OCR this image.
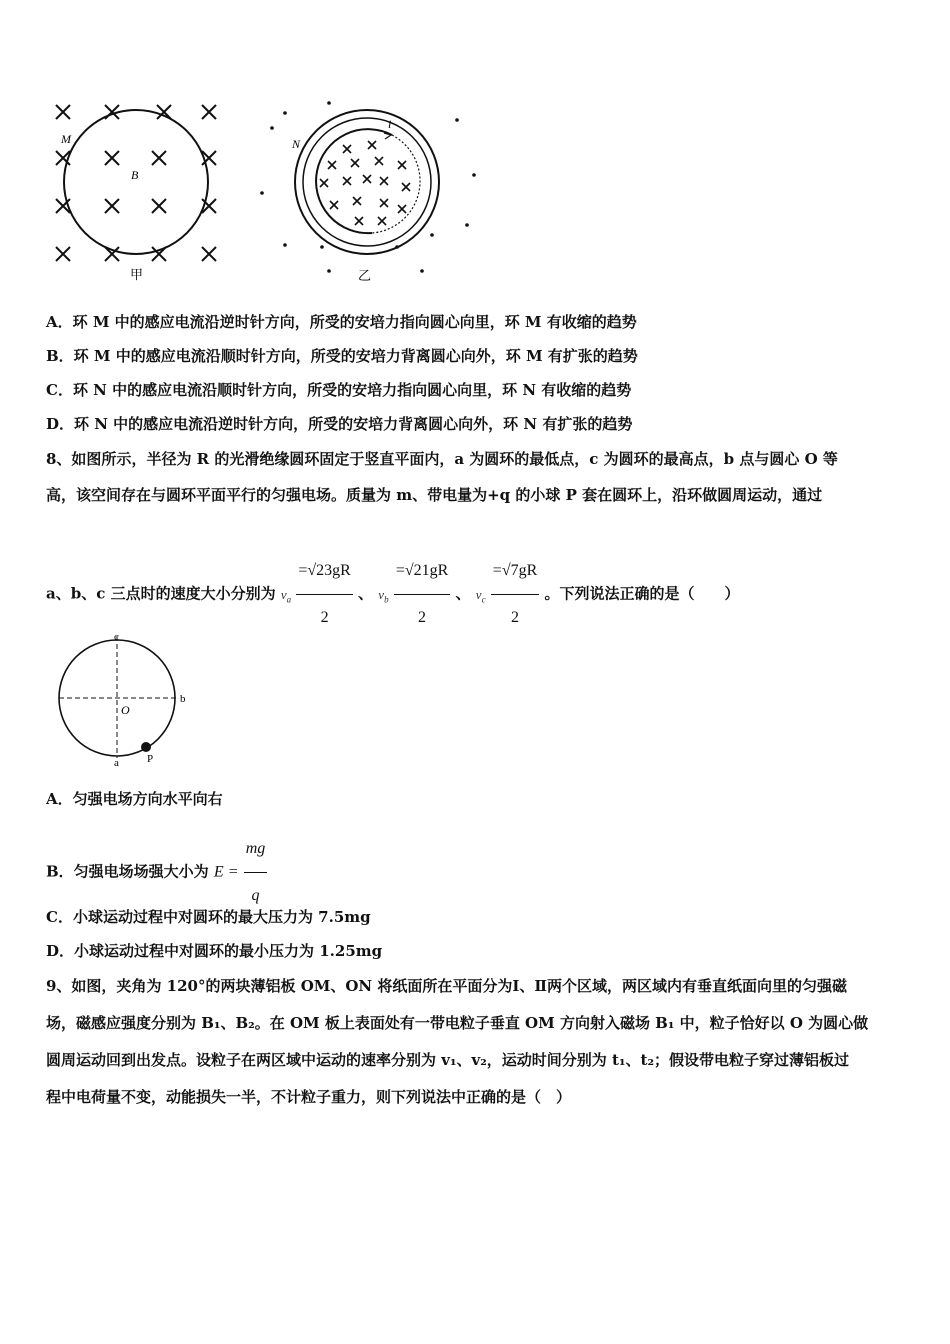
M
B
甲
N
i
乙
A．环 M 中的感应电流沿逆时针方向，所受的安培力指向圆心向里，环 M 有收缩的趋势
B．环 M 中的感应电流沿顺时针方向，所受的安培力背离圆心向外，环 M 有扩张的趋势
C．环 N 中的感应电流沿顺时针方向，所受的安培力指向圆心向里，环 N 有收缩的趋势
D．环 N 中的感应电流沿逆时针方向，所受的安培力背离圆心向外，环 N 有扩张的趋势
8、如图所示，半径为 R 的光滑绝缘圆环固定于竖直平面内，a 为圆环的最低点，c 为圆环的最高点，b 点与圆心 O 等
高，该空间存在与圆环平面平行的匀强电场。质量为 m、带电量为+q 的小球 P 套在圆环上，沿环做圆周运动，通过
a、b、c 三点时的速度大小分别为 $v_a \frac{=√23gR}{2}$ 、 $v_b \frac{=√21gR}{2}$ 、 $v_c \frac{=√7gR}{2}$ 。下列说法正确的是（　　）
c
b
O
a	P
A．匀强电场方向水平向右
B．匀强电场场强大小为 $E = \frac{mg}{q}$
C．小球运动过程中对圆环的最大压力为 7.5mg
D．小球运动过程中对圆环的最小压力为 1.25mg
9、如图，夹角为 120°的两块薄铝板 OM、ON 将纸面所在平面分为Ⅰ、Ⅱ两个区域，两区域内有垂直纸面向里的匀强磁
场，磁感应强度分别为 B₁、B₂。在 OM 板上表面处有一带电粒子垂直 OM 方向射入磁场 B₁ 中，粒子恰好以 O 为圆心做
圆周运动回到出发点。设粒子在两区域中运动的速率分别为 v₁、v₂，运动时间分别为 t₁、t₂；假设带电粒子穿过薄铝板过
程中电荷量不变，动能损失一半，不计粒子重力，则下列说法中正确的是（　）
